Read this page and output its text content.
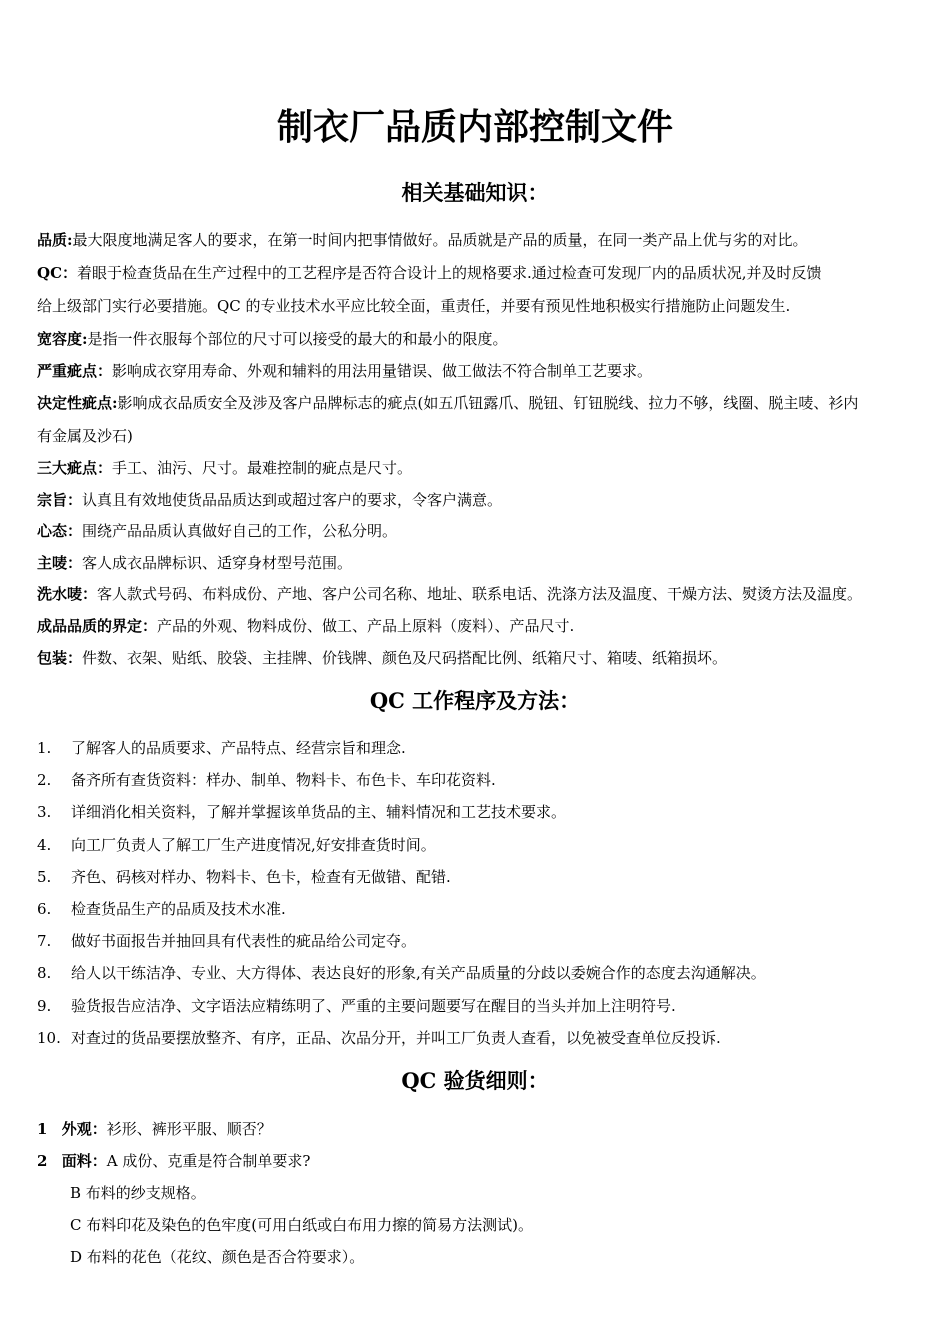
制衣厂品质内部控制文件
相关基础知识：
品质:最大限度地满足客人的要求，在第一时间内把事情做好。品质就是产品的质量，在同一类产品上优与劣的对比。
QC：着眼于检查货品在生产过程中的工艺程序是否符合设计上的规格要求.通过检查可发现厂内的品质状况,并及时反馈
给上级部门实行必要措施。QC 的专业技术水平应比较全面，重责任，并要有预见性地积极实行措施防止问题发生.
宽容度:是指一件衣服每个部位的尺寸可以接受的最大的和最小的限度。
严重疵点：影响成衣穿用寿命、外观和辅料的用法用量错误、做工做法不符合制单工艺要求。
决定性疵点:影响成衣品质安全及涉及客户品牌标志的疵点(如五爪钮露爪、脱钮、钉钮脱线、拉力不够，线圈、脱主唛、衫内
有金属及沙石)
三大疵点：手工、油污、尺寸。最难控制的疵点是尺寸。
宗旨：认真且有效地使货品品质达到或超过客户的要求，令客户满意。
心态：围绕产品品质认真做好自己的工作，公私分明。
主唛：客人成衣品牌标识、适穿身材型号范围。
洗水唛：客人款式号码、布料成份、产地、客户公司名称、地址、联系电话、洗涤方法及温度、干燥方法、熨烫方法及温度。
成品品质的界定：产品的外观、物料成份、做工、产品上原料（废料）、产品尺寸.
包装：件数、衣架、贴纸、胶袋、主挂牌、价钱牌、颜色及尺码搭配比例、纸箱尺寸、箱唛、纸箱损坏。
QC 工作程序及方法：
1. 了解客人的品质要求、产品特点、经营宗旨和理念.
2. 备齐所有查货资料：样办、制单、物料卡、布色卡、车印花资料.
3. 详细消化相关资料，了解并掌握该单货品的主、辅料情况和工艺技术要求。
4. 向工厂负责人了解工厂生产进度情况,好安排查货时间。
5. 齐色、码核对样办、物料卡、色卡，检查有无做错、配错.
6. 检查货品生产的品质及技术水准.
7. 做好书面报告并抽回具有代表性的疵品给公司定夺。
8. 给人以干练洁净、专业、大方得体、表达良好的形象,有关产品质量的分歧以委婉合作的态度去沟通解决。
9. 验货报告应洁净、文字语法应精练明了、严重的主要问题要写在醒目的当头并加上注明符号.
10. 对查过的货品要摆放整齐、有序，正品、次品分开，并叫工厂负责人查看，以免被受查单位反投诉.
QC 验货细则：
1 外观：衫形、裤形平服、顺否？
2 面料：A 成份、克重是符合制单要求?
B 布料的纱支规格。
C 布料印花及染色的色牢度(可用白纸或白布用力擦的简易方法测试)。
D 布料的花色（花纹、颜色是否合符要求）。
